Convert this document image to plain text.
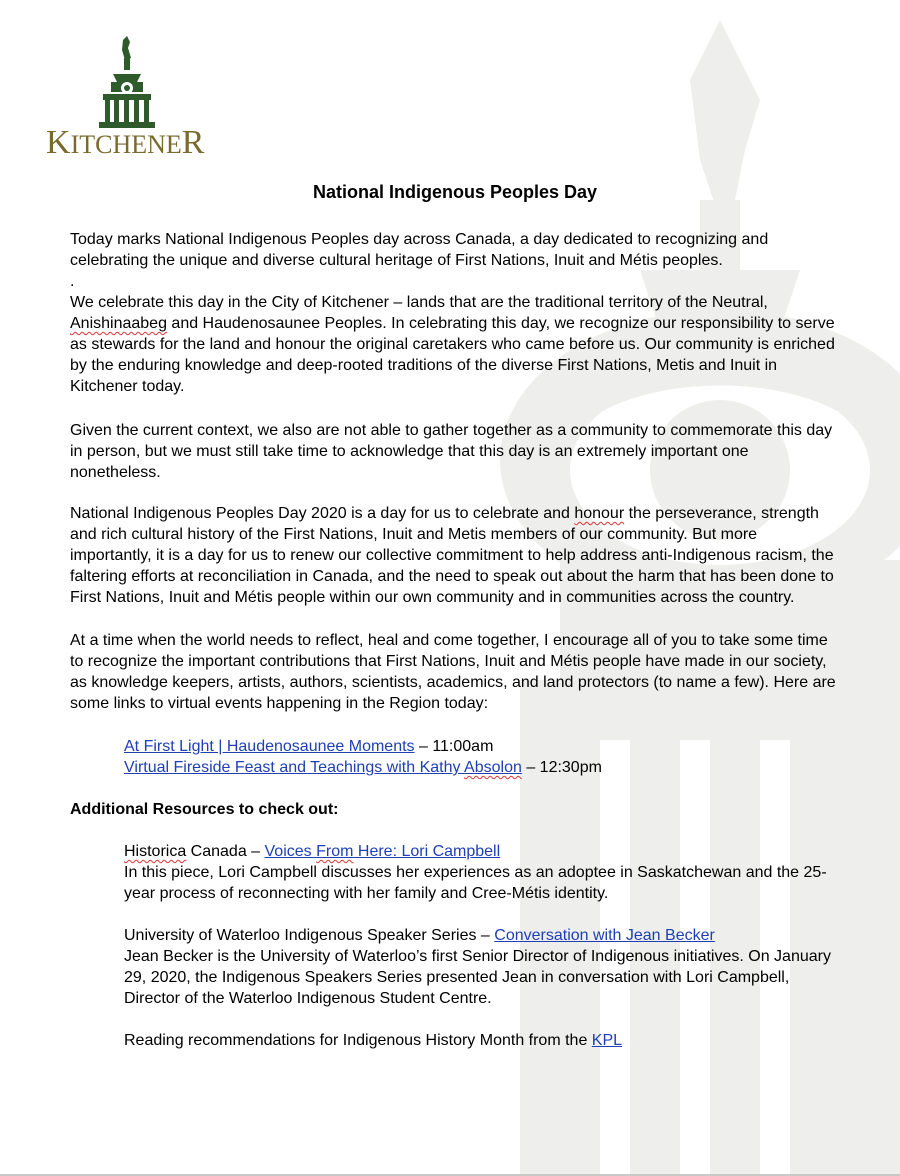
KITCHENER
National Indigenous Peoples Day

Today marks National Indigenous Peoples day across Canada, a day dedicated to recognizing and celebrating the unique and diverse cultural heritage of First Nations, Inuit and Métis peoples.

.

We celebrate this day in the City of Kitchener – lands that are the traditional territory of the Neutral,
Anishinaabeg and Haudenosaunee Peoples. In celebrating this day, we recognize our responsibility to serve as stewards for the land and honour the original caretakers who came before us. Our community is enriched by the enduring knowledge and deep-rooted traditions of the diverse First Nations, Metis and Inuit in Kitchener today.

Given the current context, we also are not able to gather together as a community to commemorate this day in person, but we must still take time to acknowledge that this day is an extremely important one nonetheless.

National Indigenous Peoples Day 2020 is a day for us to celebrate and honour the perseverance, strength and rich cultural history of the First Nations, Inuit and Metis members of our community. But more importantly, it is a day for us to renew our collective commitment to help address anti-Indigenous racism, the faltering efforts at reconciliation in Canada, and the need to speak out about the harm that has been done to First Nations, Inuit and Métis people within our own community and in communities across the country.

At a time when the world needs to reflect, heal and come together, I encourage all of you to take some time to recognize the important contributions that First Nations, Inuit and Métis people have made in our society, as knowledge keepers, artists, authors, scientists, academics, and land protectors (to name a few). Here are some links to virtual events happening in the Region today:

At First Light | Haudenosaunee Moments – 11:00am

Virtual Fireside Feast and Teachings with Kathy Absolon – 12:30pm

Additional Resources to check out:

Historica Canada – Voices From Here: Lori Campbell
In this piece, Lori Campbell discusses her experiences as an adoptee in Saskatchewan and the 25-year process of reconnecting with her family and Cree-Métis identity.

University of Waterloo Indigenous Speaker Series – Conversation with Jean Becker
Jean Becker is the University of Waterloo’s first Senior Director of Indigenous initiatives. On January 29, 2020, the Indigenous Speakers Series presented Jean in conversation with Lori Campbell, Director of the Waterloo Indigenous Student Centre.

Reading recommendations for Indigenous History Month from the KPL
